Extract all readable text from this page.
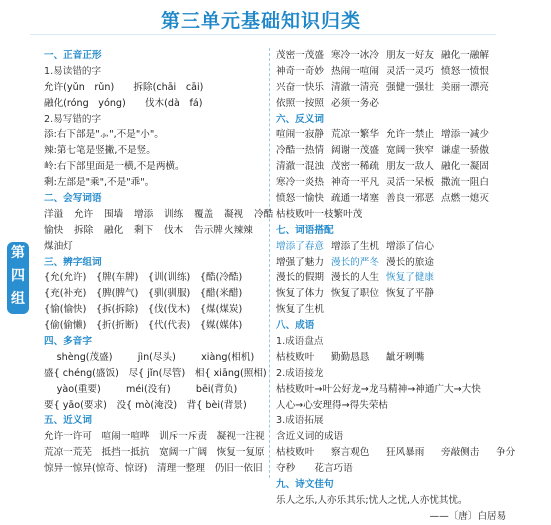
第三单元基础知识归类
第
四
组
一、正音正形
1.易读错的字
允许(yǔn　rǔn)　　拆除(chāi　cāi)
融化(róng　yóng)　　伐木(dà　fá)
2.易写错的字
添:右下部是"⺗",不是"小"。
辣:第七笔是竖撇,不是竖。
岭:右下部里面是一横,不是两横。
剩:左部是"乘",不是"乖"。
二、会写词语
洋溢 允许 围墙 增添 训练 覆盖 凝视 冷酷
愉快 拆除 融化 剩下 伐木 告示牌火辣辣
煤油灯
三、辨字组词
{允(允许)　{牌(车牌)　{训(训练)　{酷(冷酷)
{充(补充)　{脾(脾气)　{驯(驯服)　{醋(米醋)
{愉(愉快)　{拆(拆除)　{伐(伐木)　{煤(煤炭)
{偷(偷懒)　{折(折断)　{代(代表)　{媒(媒体)
四、多音字
　 shèng(茂盛)　 　 jìn(尽头)　 　 xiàng(相机)
盛{ chéng(盛饭)　尽{ jǐn(尽管)　相{ xiāng(照相)
　 yào(重要)　 　 méi(没有)　 　 bēi(背负)
要{ yāo(要求)　没{ mò(淹没)　背{ bèi(背景)
五、近义词
允许一许可　喧闹一喧哗　训斥一斥责　凝视一注视
荒凉一荒芜　抵挡一抵抗　宽阔一广阔　恢复一复原
惊异一惊异(惊奇、惊讶)　清理一整理　仍旧一依旧
茂密一茂盛 寒冷一冰冷 朋友一好友 融化一融解
神奇一奇妙 热闹一喧闹 灵活一灵巧 愤怒一愤恨
兴奋一快乐 清澈一清亮 强健一强壮 美丽一漂亮
依照一按照 必须一务必
六、反义词
喧闹一寂静 荒凉一繁华 允许一禁止 增添一减少
冷酷一热情 阔谢一茂盛 宽阔一狭窄 谦虚一骄傲
清澈一混浊 茂密一稀疏 朋友一敌人 融化一凝固
寒冷一炎热 神奇一平凡 灵活一呆板 撒流一阻白
愤怒一愉快 疏通一堵塞 善良一邪恶 点燃一熄灭
枯枝败叶一枝繁叶茂
七、词语搭配
增添了春意 增添了生机 增添了信心
增强了魅力 漫长的严冬 漫长的旅途
漫长的假期 漫长的人生 恢复了健康
恢复了体力 恢复了职位 恢复了平静
恢复了生机
八、成语
1.成语盘点
枯枝败叶 勤勤恳恳 龇牙咧嘴
2.成语接龙
枯枝败叶→叶公好龙→龙马精神→神通广大→大快
人心→心安理得→得失荣枯
3.成语拓展
含近义词的成语
枯枝败叶 察言观色 狂风暴雨 旁敲侧击 争分
夺秒　　花言巧语
九、诗文佳句
乐人之乐,人亦乐其乐;忧人之忧,人亦忧其忧。
　　　　　　　　　　　　　　　　——〔唐〕白居易
